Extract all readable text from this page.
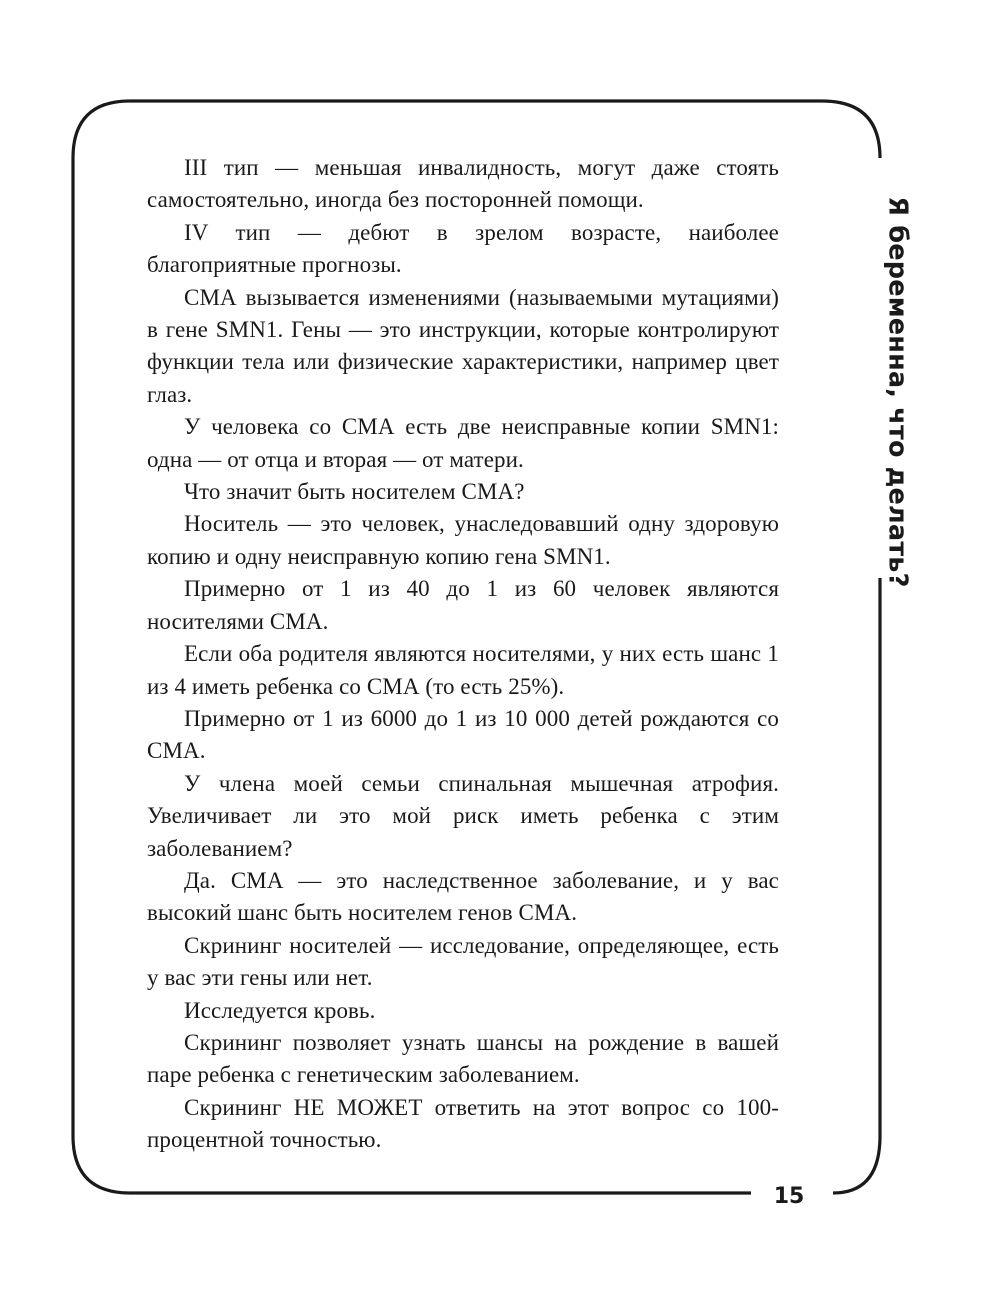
III тип — меньшая инвалидность, могут даже стоять самостоятельно, иногда без посторонней помощи.

IV тип — дебют в зрелом возрасте, наиболее благоприятные прогнозы.

СМА вызывается изменениями (называемыми мутациями) в гене SMN1. Гены — это инструкции, которые контролируют функции тела или физические характеристики, например цвет глаз.

У человека со СМА есть две неисправные копии SMN1: одна — от отца и вторая — от матери.

Что значит быть носителем СМА?

Носитель — это человек, унаследовавший одну здоровую копию и одну неисправную копию гена SMN1.

Примерно от 1 из 40 до 1 из 60 человек являются носителями СМА.

Если оба родителя являются носителями, у них есть шанс 1 из 4 иметь ребенка со СМА (то есть 25%).

Примерно от 1 из 6000 до 1 из 10 000 детей рождаются со СМА.

У члена моей семьи спинальная мышечная атрофия. Увеличивает ли это мой риск иметь ребенка с этим заболеванием?

Да. СМА — это наследственное заболевание, и у вас высокий шанс быть носителем генов СМА.

Скрининг носителей — исследование, определяющее, есть у вас эти гены или нет.

Исследуется кровь.

Скрининг позволяет узнать шансы на рождение в вашей паре ребенка с генетическим заболеванием.

Скрининг НЕ МОЖЕТ ответить на этот вопрос со 100-процентной точностью.

Я беременна, что делать?
15
